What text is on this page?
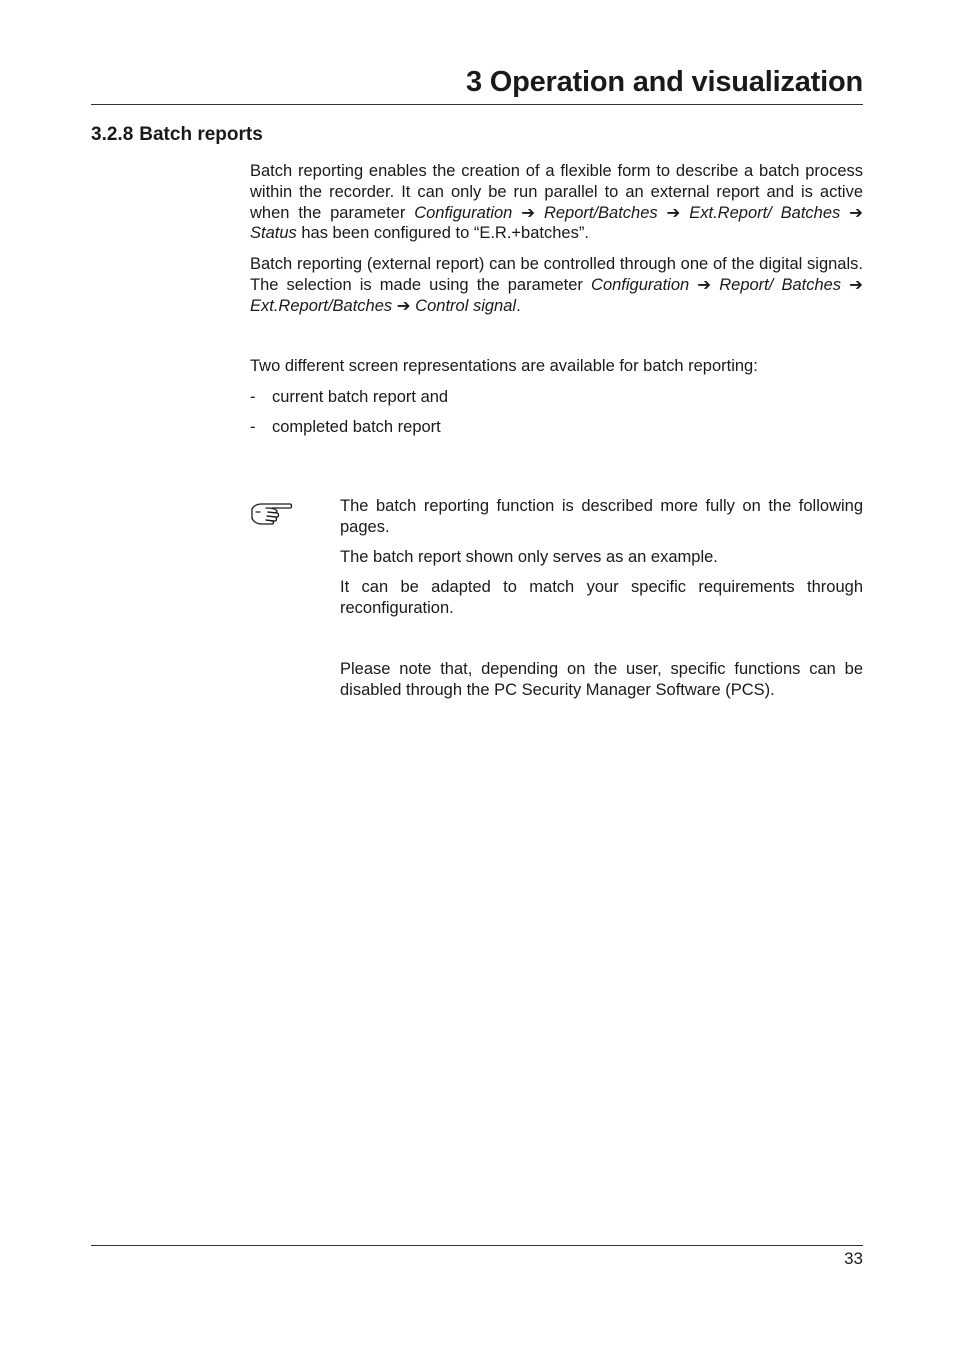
3 Operation and visualization
3.2.8 Batch reports

Batch reporting enables the creation of a flexible form to describe a batch process within the recorder. It can only be run parallel to an external report and is active when the parameter Configuration ➔ Report/Batches ➔ Ext.Report/ Batches ➔ Status has been configured to “E.R.+batches”.

Batch reporting (external report) can be controlled through one of the digital signals. The selection is made using the parameter Configuration ➔ Report/ Batches ➔ Ext.Report/Batches ➔ Control signal.

Two different screen representations are available for batch reporting:

- current batch report and
- completed batch report

The batch reporting function is described more fully on the following pages.

The batch report shown only serves as an example.

It can be adapted to match your specific requirements through reconfiguration.

Please note that, depending on the user, specific functions can be disabled through the PC Security Manager Software (PCS).

33
